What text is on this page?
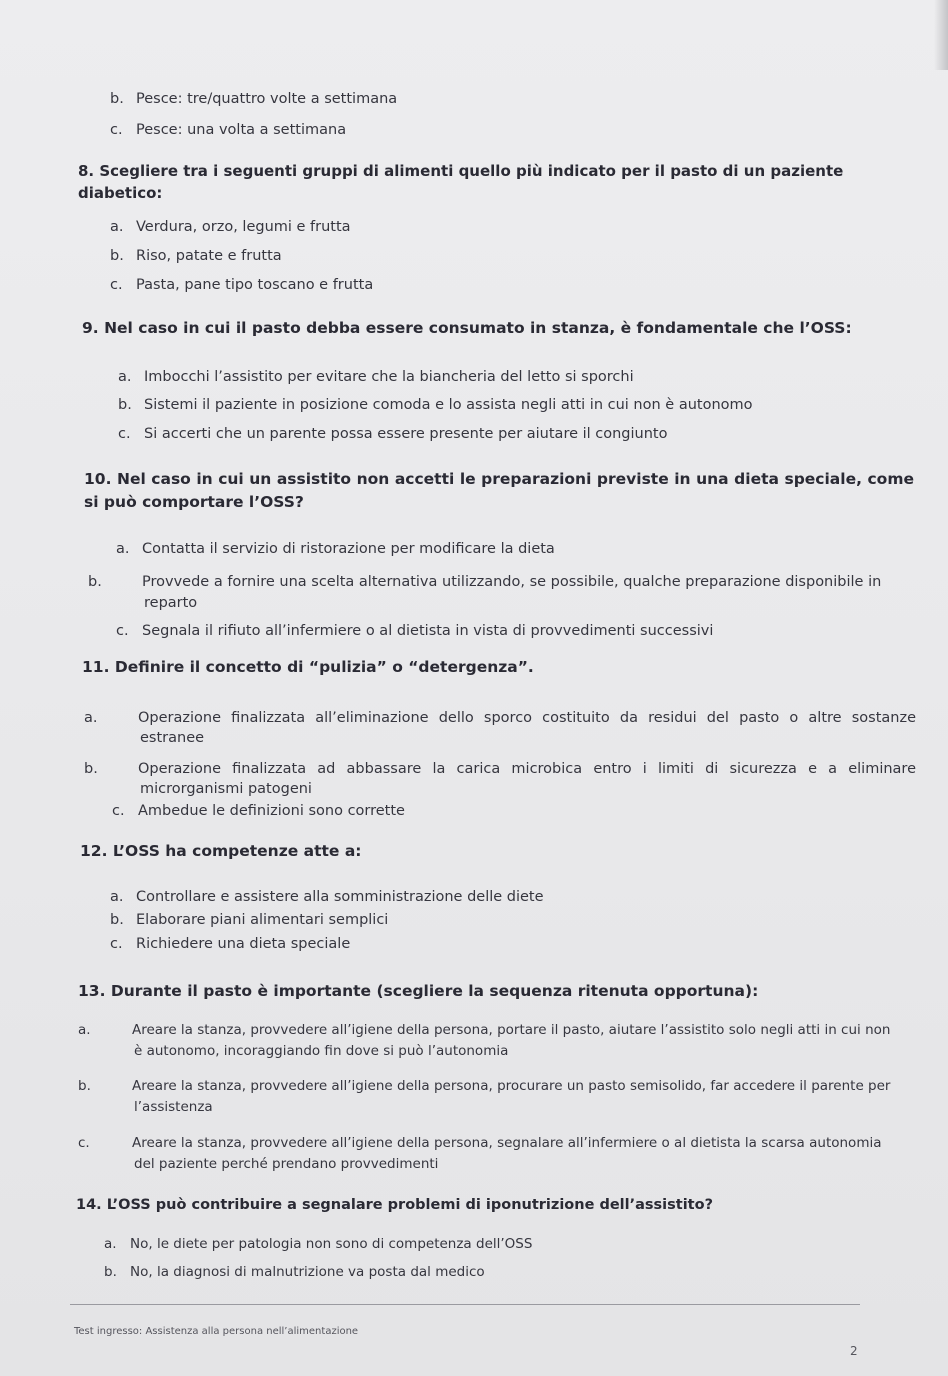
b. Pesce: tre/quattro volte a settimana
c. Pesce: una volta a settimana
8. Scegliere tra i seguenti gruppi di alimenti quello più indicato per il pasto di un paziente diabetico:
a. Verdura, orzo, legumi e frutta
b. Riso, patate e frutta
c. Pasta, pane tipo toscano e frutta
9. Nel caso in cui il pasto debba essere consumato in stanza, è fondamentale che l’OSS:
a. Imbocchi l’assistito per evitare che la biancheria del letto si sporchi
b. Sistemi il paziente in posizione comoda e lo assista negli atti in cui non è autonomo
c. Si accerti che un parente possa essere presente per aiutare il congiunto
10. Nel caso in cui un assistito non accetti le preparazioni previste in una dieta speciale, come si può comportare l’OSS?
a. Contatta il servizio di ristorazione per modificare la dieta
b.	Provvede a fornire una scelta alternativa utilizzando, se possibile, qualche preparazione disponibile in reparto
c. Segnala il rifiuto all’infermiere o al dietista in vista di provvedimenti successivi
11. Definire il concetto di “pulizia” o “detergenza”.
a.	Operazione finalizzata all’eliminazione dello sporco costituito da residui del pasto o altre sostanze estranee
b.	Operazione finalizzata ad abbassare la carica microbica entro i limiti di sicurezza e a eliminare microrganismi patogeni
c. Ambedue le definizioni sono corrette
12. L’OSS ha competenze atte a:
a. Controllare e assistere alla somministrazione delle diete
b. Elaborare piani alimentari semplici
c. Richiedere una dieta speciale
13. Durante il pasto è importante (scegliere la sequenza ritenuta opportuna):
a.	Areare la stanza, provvedere all’igiene della persona, portare il pasto, aiutare l’assistito solo negli atti in cui non è autonomo, incoraggiando fin dove si può l’autonomia
b.	Areare la stanza, provvedere all’igiene della persona, procurare un pasto semisolido, far accedere il parente per l’assistenza
c.	Areare la stanza, provvedere all’igiene della persona, segnalare all’infermiere o al dietista la scarsa autonomia del paziente perché prendano provvedimenti
14. L’OSS può contribuire a segnalare problemi di iponutrizione dell’assistito?
a. No, le diete per patologia non sono di competenza dell’OSS
b. No, la diagnosi di malnutrizione va posta dal medico
Test ingresso: Assistenza alla persona nell’alimentazione
2
